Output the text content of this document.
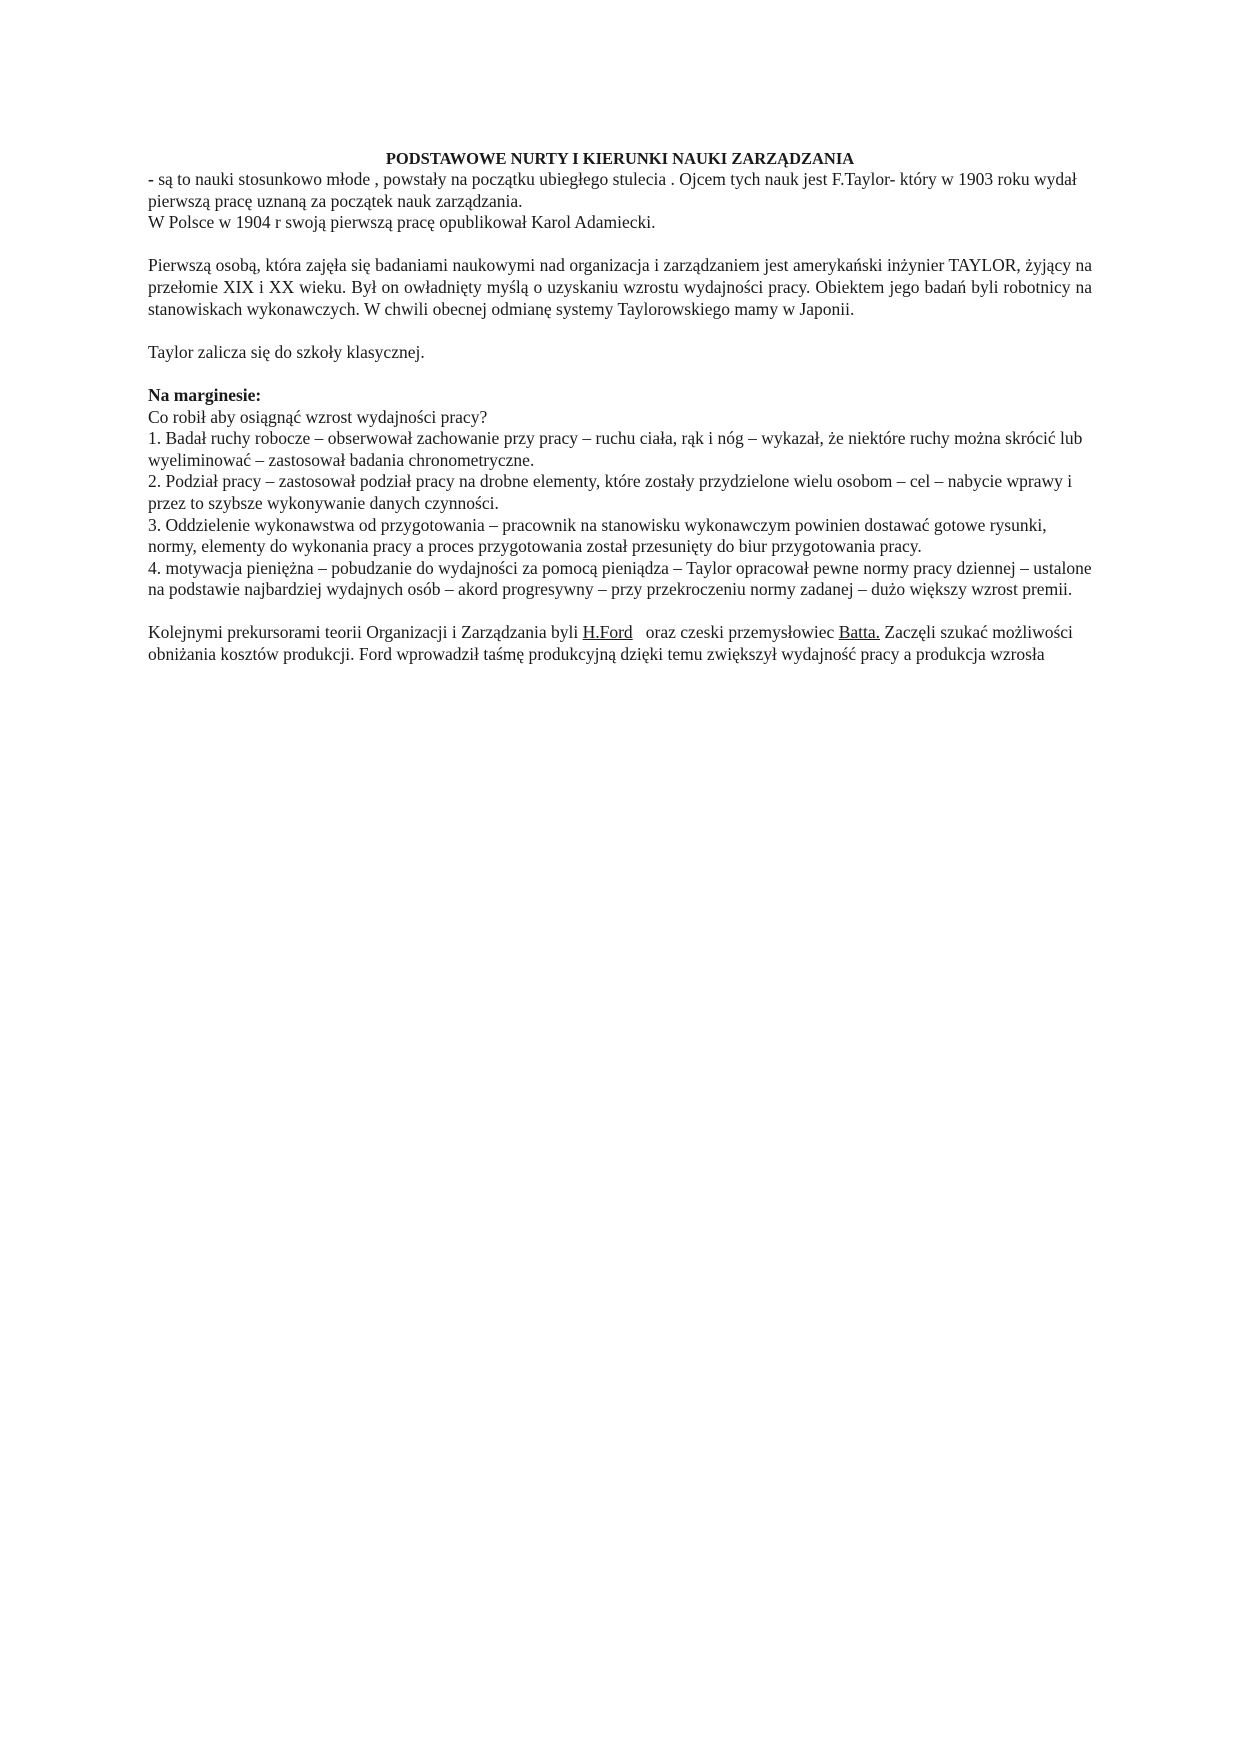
PODSTAWOWE NURTY I KIERUNKI NAUKI ZARZĄDZANIA

- są to nauki stosunkowo młode , powstały na początku ubiegłego stulecia . Ojcem tych nauk jest F.Taylor- który w 1903 roku wydał pierwszą pracę uznaną za początek nauk zarządzania.

W Polsce w 1904 r swoją pierwszą pracę opublikował Karol Adamiecki.

Pierwszą osobą, która zajęła się badaniami naukowymi nad organizacja i zarządzaniem jest amerykański inżynier TAYLOR, żyjący na przełomie XIX i XX wieku. Był on owładnięty myślą o uzyskaniu wzrostu wydajności pracy. Obiektem jego badań byli robotnicy na stanowiskach wykonawczych. W chwili obecnej odmianę systemy Taylorowskiego mamy w Japonii.

Taylor zalicza się do szkoły klasycznej.

Na marginesie:

Co robił aby osiągnąć wzrost wydajności pracy?

1. Badał ruchy robocze – obserwował zachowanie przy pracy – ruchu ciała, rąk i nóg – wykazał, że niektóre ruchy można skrócić lub wyeliminować – zastosował badania chronometryczne.

2. Podział pracy – zastosował podział pracy na drobne elementy, które zostały przydzielone wielu osobom – cel – nabycie wprawy i przez to szybsze wykonywanie danych czynności.

3. Oddzielenie wykonawstwa od przygotowania – pracownik na stanowisku wykonawczym powinien dostawać gotowe rysunki, normy, elementy do wykonania pracy a proces przygotowania został przesunięty do biur przygotowania pracy.

4. motywacja pieniężna – pobudzanie do wydajności za pomocą pieniądza – Taylor opracował pewne normy pracy dziennej – ustalone na podstawie najbardziej wydajnych osób – akord progresywny – przy przekroczeniu normy zadanej – dużo większy wzrost premii.

Kolejnymi prekursorami teorii Organizacji i Zarządzania byli H.Ford   oraz czeski przemysłowiec Batta. Zaczęli szukać możliwości obniżania kosztów produkcji. Ford wprowadził taśmę produkcyjną dzięki temu zwiększył wydajność pracy a produkcja wzrosła
